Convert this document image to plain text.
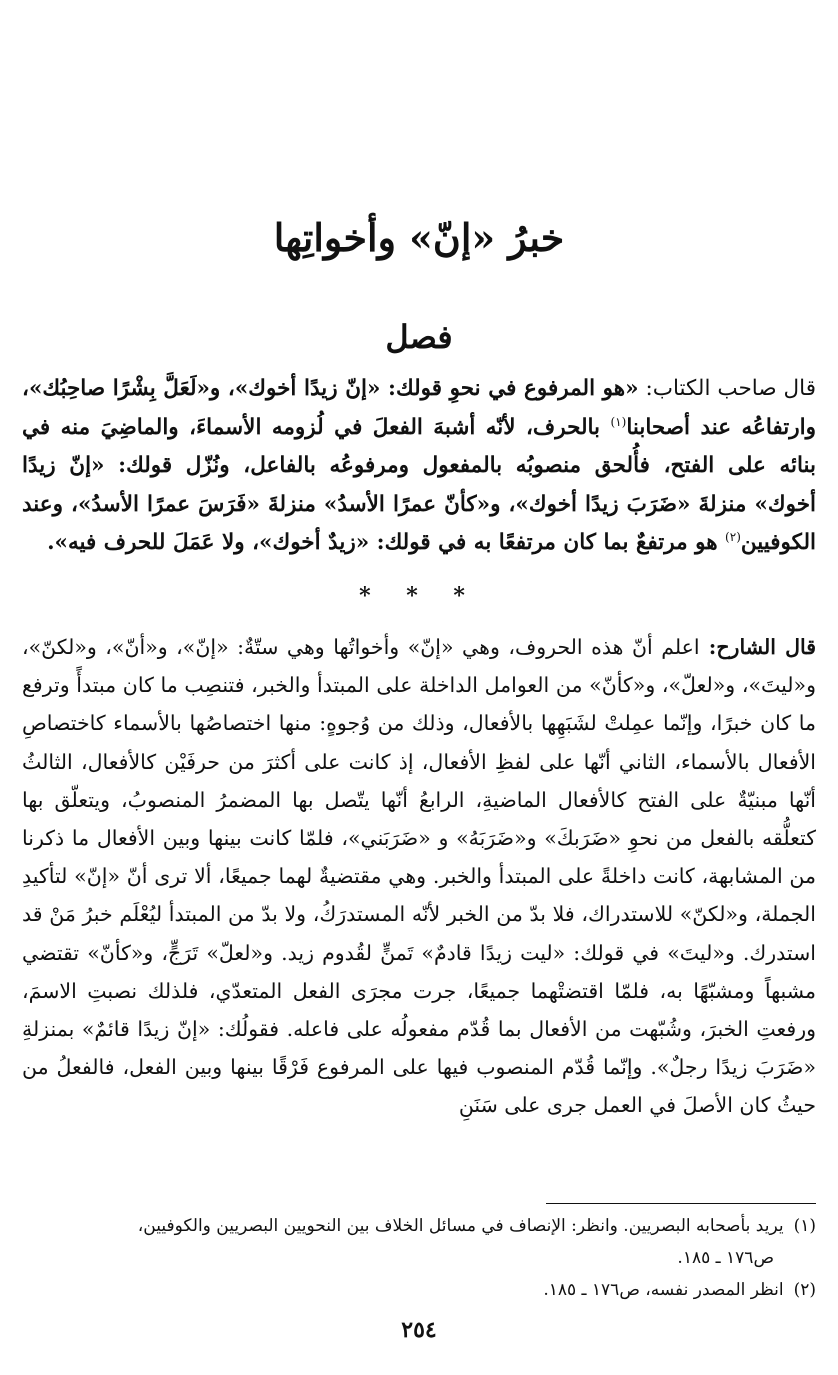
خبرُ «إنّ» وأخواتِها
فصل

قال صاحب الكتاب: «هو المرفوع في نحوِ قولك: «إنّ زيدًا أخوك»، و«لَعَلَّ بِشْرًا صاحِبُك»، وارتفاعُه عند أصحابنا$^{(١)}$ بالحرف، لأنّه أشبهَ الفعلَ في لُزومه الأسماءَ، والماضِيَ منه في بنائه على الفتح، فأُلحق منصوبُه بالمفعول ومرفوعُه بالفاعل، ونُزّل قولك: «إنّ زيدًا أخوك» منزلةَ «ضَرَبَ زيدًا أخوك»، و«كأنّ عمرًا الأسدُ» منزلةَ «فَرَسَ عمرًا الأسدُ»، وعند الكوفيين$^{(٢)}$ هو مرتفعٌ بما كان مرتفعًا به في قولك: «زيدٌ أخوك»، ولا عَمَلَ للحرف فيه».

* * *

قال الشارح: اعلم أنّ هذه الحروف، وهي «إنّ» وأخواتُها وهي ستّةٌ: «إنّ»، و«أنّ»، و«لكنّ»، و«ليتَ»، و«لعلّ»، و«كأنّ» من العوامل الداخلة على المبتدأ والخبر، فتنصِب ما كان مبتدأً وترفع ما كان خبرًا، وإنّما عمِلتْ لشَبَهِها بالأفعال، وذلك من وُجوهٍ: منها اختصاصُها بالأسماء كاختصاصِ الأفعال بالأسماء، الثاني أنّها على لفظِ الأفعال، إذ كانت على أكثرَ من حرفَيْن كالأفعال، الثالثُ أنّها مبنيّةٌ على الفتح كالأفعال الماضيةِ، الرابعُ أنّها يتّصل بها المضمرُ المنصوبُ، ويتعلّق بها كتعلُّقه بالفعل من نحوِ «ضَرَبكَ» و«ضَرَبَهُ» و «ضَرَبَني»، فلمّا كانت بينها وبين الأفعال ما ذكرنا من المشابهة، كانت داخلةً على المبتدأ والخبر. وهي مقتضيةٌ لهما جميعًا، ألا ترى أنّ «إنّ» لتأكيدِ الجملة، و«لكنّ» للاستدراك، فلا بدّ من الخبر لأنّه المستدرَكُ، ولا بدّ من المبتدأ ليُعْلَم خبرُ مَنْ قد استدرك. و«ليتَ» في قولك: «ليت زيدًا قادمٌ» تَمنٍّ لقُدوم زيد. و«لعلّ» تَرَجٍّ، و«كأنّ» تقتضي مشبهاً ومشبّهًا به، فلمّا اقتضتْهما جميعًا، جرت مجرَى الفعل المتعدّي، فلذلك نصبتِ الاسمَ، ورفعتِ الخبرَ، وشُبّهت من الأفعال بما قُدّم مفعولُه على فاعله. فقولُك: «إنّ زيدًا قائمٌ» بمنزلةِ «ضَرَبَ زيدًا رجلٌ». وإنّما قُدّم المنصوب فيها على المرفوع فَرْقًا بينها وبين الفعل، فالفعلُ من حيثُ كان الأصلَ في العمل جرى على سَنَنِ

(١)يريد بأصحابه البصريين. وانظر: الإنصاف في مسائل الخلاف بين النحويين البصريين والكوفيين،
ص١٧٦ ـ ١٨٥.
(٢)انظر المصدر نفسه، ص١٧٦ ـ ١٨٥.
٢٥٤
